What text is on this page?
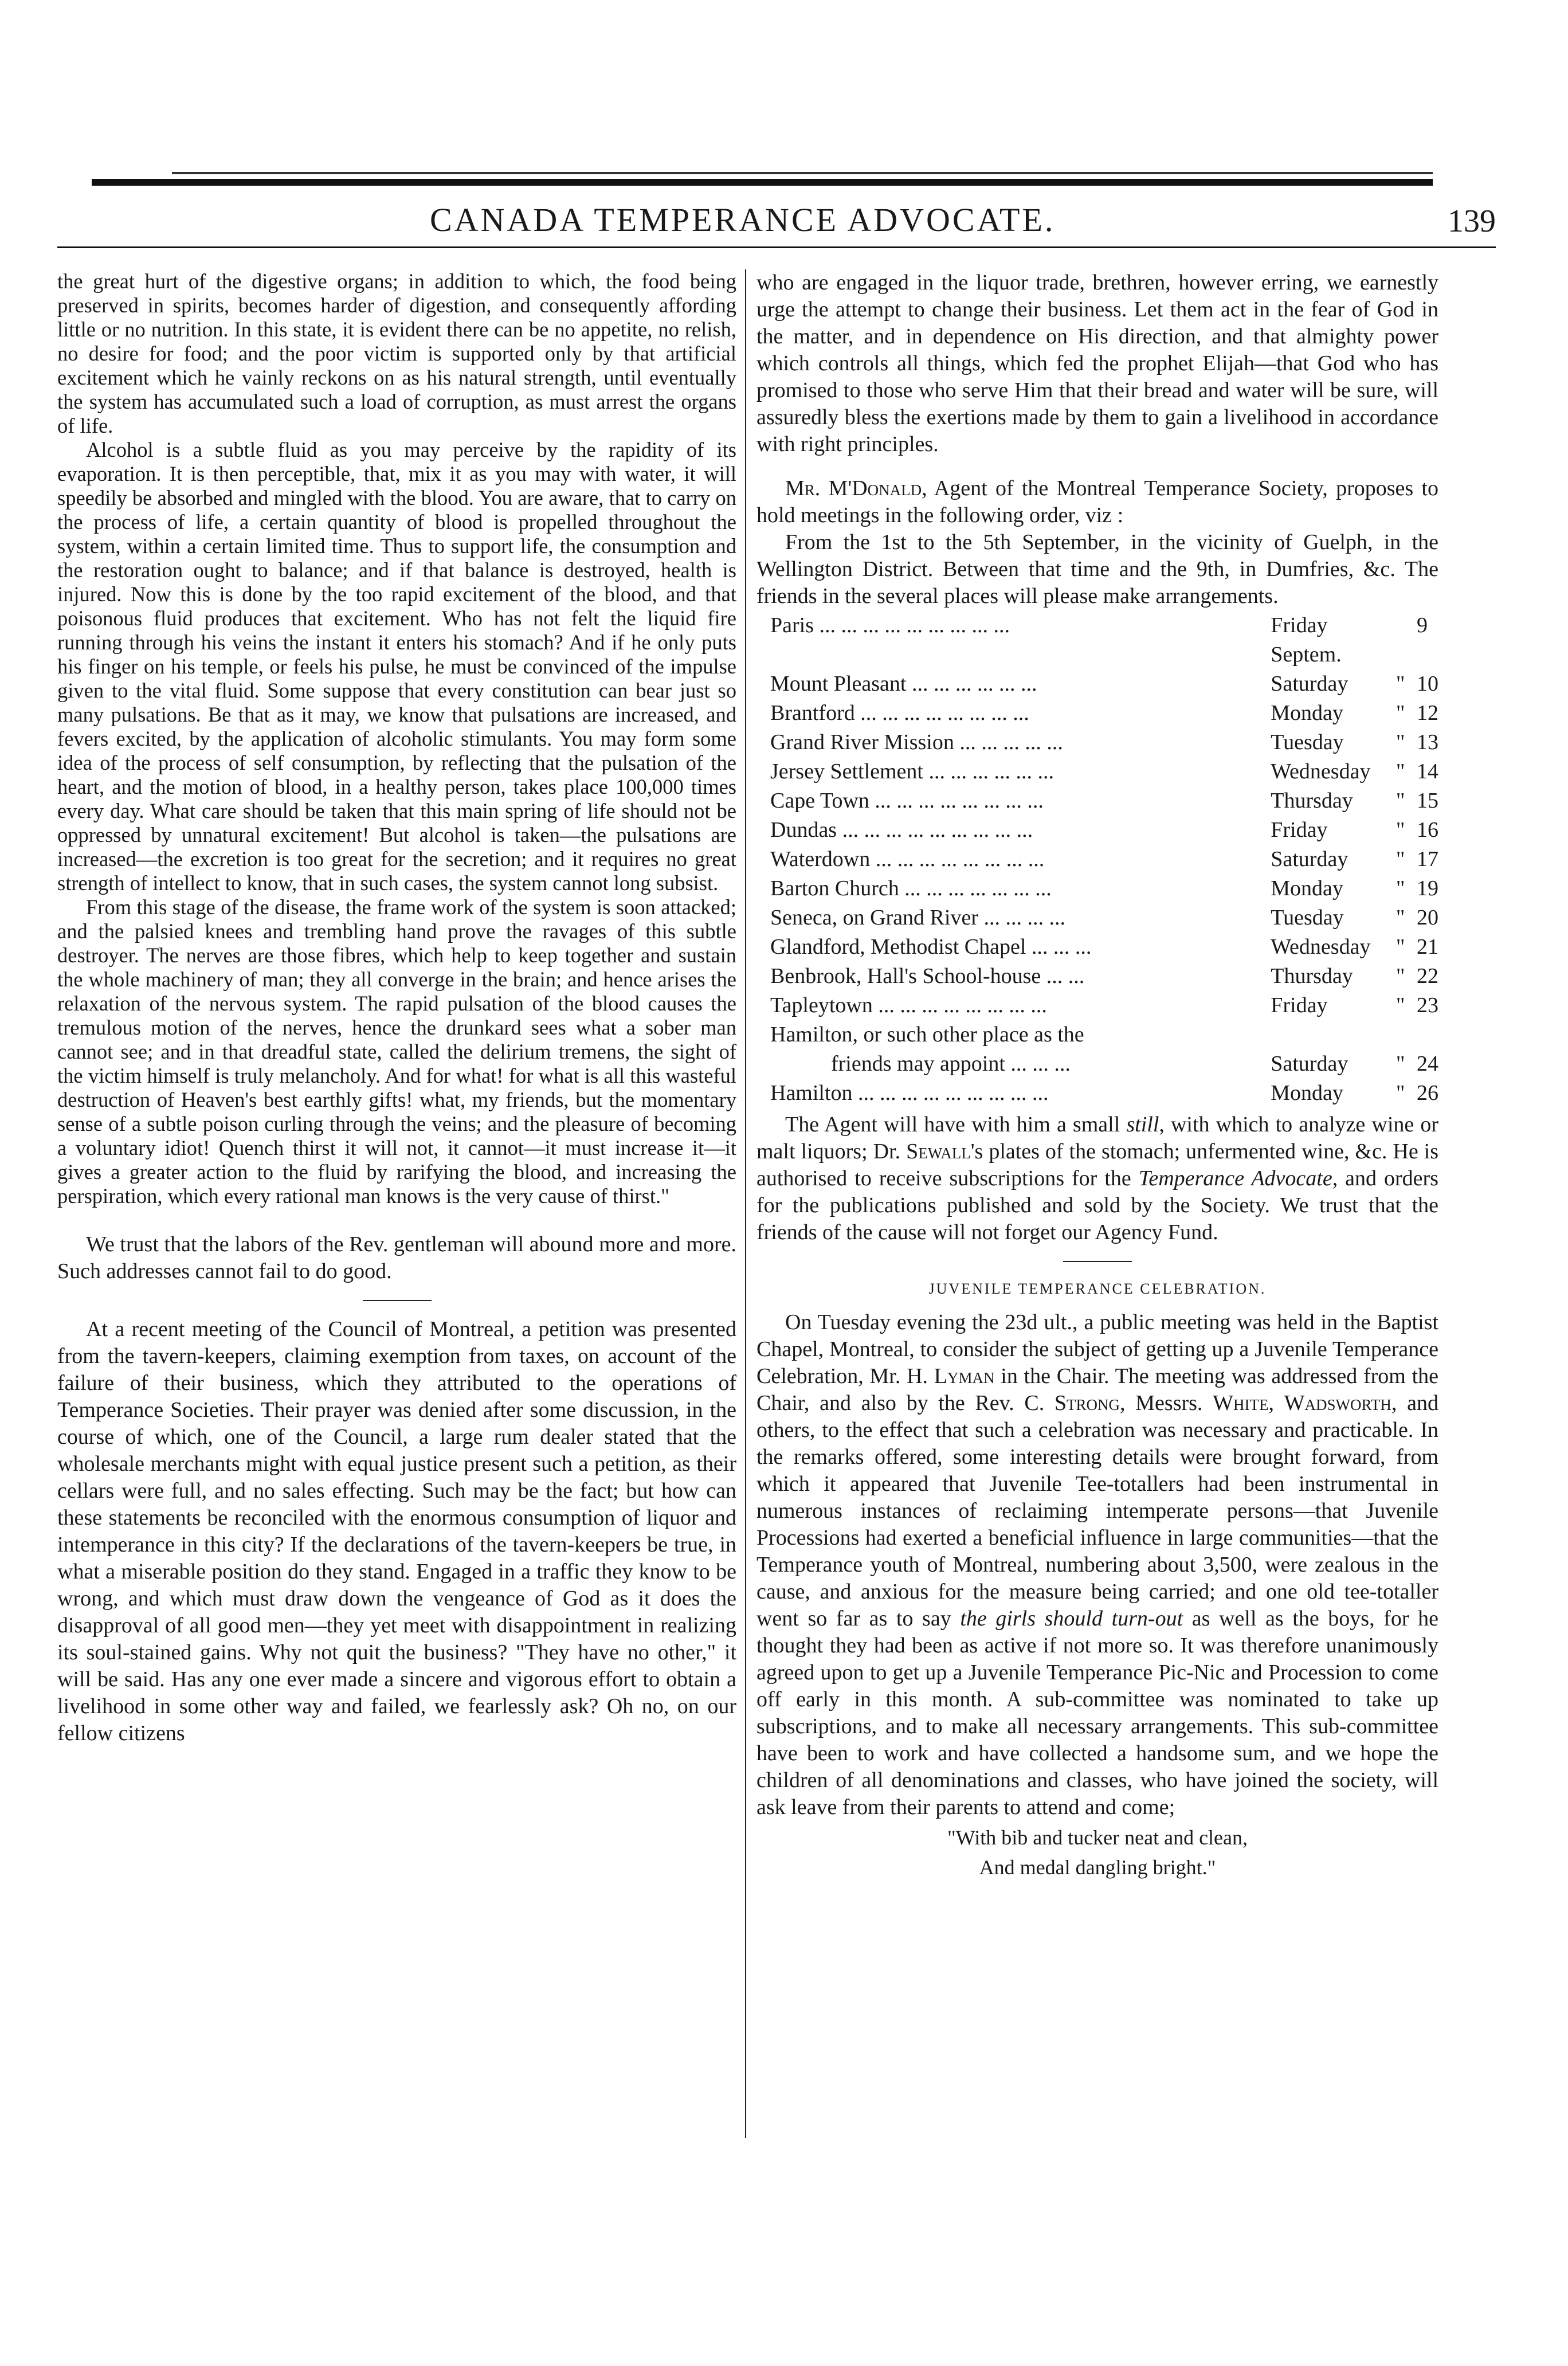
CANADA TEMPERANCE ADVOCATE.	139

the great hurt of the digestive organs; in addition to which, the food being preserved in spirits, becomes harder of digestion, and consequently affording little or no nutrition. In this state, it is evident there can be no appetite, no relish, no desire for food; and the poor victim is supported only by that artificial excitement which he vainly reckons on as his natural strength, until eventually the system has accumulated such a load of corruption, as must arrest the organs of life.

Alcohol is a subtle fluid as you may perceive by the rapidity of its evaporation. It is then perceptible, that, mix it as you may with water, it will speedily be absorbed and mingled with the blood. You are aware, that to carry on the process of life, a certain quantity of blood is propelled throughout the system, within a certain limited time. Thus to support life, the consumption and the restoration ought to balance; and if that balance is destroyed, health is injured. Now this is done by the too rapid excitement of the blood, and that poisonous fluid produces that excitement. Who has not felt the liquid fire running through his veins the instant it enters his stomach? And if he only puts his finger on his temple, or feels his pulse, he must be convinced of the impulse given to the vital fluid. Some suppose that every constitution can bear just so many pulsations. Be that as it may, we know that pulsations are increased, and fevers excited, by the application of alcoholic stimulants. You may form some idea of the process of self consumption, by reflecting that the pulsation of the heart, and the motion of blood, in a healthy person, takes place 100,000 times every day. What care should be taken that this main spring of life should not be oppressed by unnatural excitement! But alcohol is taken—the pulsations are increased—the excretion is too great for the secretion; and it requires no great strength of intellect to know, that in such cases, the system cannot long subsist.

From this stage of the disease, the frame work of the system is soon attacked; and the palsied knees and trembling hand prove the ravages of this subtle destroyer. The nerves are those fibres, which help to keep together and sustain the whole machinery of man; they all converge in the brain; and hence arises the relaxation of the nervous system. The rapid pulsation of the blood causes the tremulous motion of the nerves, hence the drunkard sees what a sober man cannot see; and in that dreadful state, called the delirium tremens, the sight of the victim himself is truly melancholy. And for what! for what is all this wasteful destruction of Heaven's best earthly gifts! what, my friends, but the momentary sense of a subtle poison curling through the veins; and the pleasure of becoming a voluntary idiot! Quench thirst it will not, it cannot—it must increase it—it gives a greater action to the fluid by rarifying the blood, and increasing the perspiration, which every rational man knows is the very cause of thirst."

We trust that the labors of the Rev. gentleman will abound more and more. Such addresses cannot fail to do good.

At a recent meeting of the Council of Montreal, a petition was presented from the tavern-keepers, claiming exemption from taxes, on account of the failure of their business, which they attributed to the operations of Temperance Societies. Their prayer was denied after some discussion, in the course of which, one of the Council, a large rum dealer stated that the wholesale merchants might with equal justice present such a petition, as their cellars were full, and no sales effecting. Such may be the fact; but how can these statements be reconciled with the enormous consumption of liquor and intemperance in this city? If the declarations of the tavern-keepers be true, in what a miserable position do they stand. Engaged in a traffic they know to be wrong, and which must draw down the vengeance of God as it does the disapproval of all good men—they yet meet with disappointment in realizing its soul-stained gains. Why not quit the business? "They have no other," it will be said. Has any one ever made a sincere and vigorous effort to obtain a livelihood in some other way and failed, we fearlessly ask? Oh no, on our fellow citizens

who are engaged in the liquor trade, brethren, however erring, we earnestly urge the attempt to change their business. Let them act in the fear of God in the matter, and in dependence on His direction, and that almighty power which controls all things, which fed the prophet Elijah—that God who has promised to those who serve Him that their bread and water will be sure, will assuredly bless the exertions made by them to gain a livelihood in accordance with right principles.

Mr. M'Donald, Agent of the Montreal Temperance Society, proposes to hold meetings in the following order, viz :

From the 1st to the 5th September, in the vicinity of Guelph, in the Wellington District. Between that time and the 9th, in Dumfries, &c. The friends in the several places will please make arrangements.

Paris ... ... ... ... ... ... ... ... ...	Friday Septem.		9
Mount Pleasant ... ... ... ... ... ...	Saturday	"	10
Brantford ... ... ... ... ... ... ... ...	Monday	"	12
Grand River Mission ... ... ... ... ...	Tuesday	"	13
Jersey Settlement ... ... ... ... ... ...	Wednesday	"	14
Cape Town ... ... ... ... ... ... ... ...	Thursday	"	15
Dundas ... ... ... ... ... ... ... ... ...	Friday	"	16
Waterdown ... ... ... ... ... ... ... ...	Saturday	"	17
Barton Church ... ... ... ... ... ... ...	Monday	"	19
Seneca, on Grand River ... ... ... ...	Tuesday	"	20
Glandford, Methodist Chapel ... ... ...	Wednesday	"	21
Benbrook, Hall's School-house ... ...	Thursday	"	22
Tapleytown ... ... ... ... ... ... ... ...	Friday	"	23
Hamilton, or such other place as the			
friends may appoint ... ... ...	Saturday	"	24
Hamilton ... ... ... ... ... ... ... ... ...	Monday	"	26

The Agent will have with him a small still, with which to analyze wine or malt liquors; Dr. Sewall's plates of the stomach; unfermented wine, &c. He is authorised to receive subscriptions for the Temperance Advocate, and orders for the publications published and sold by the Society. We trust that the friends of the cause will not forget our Agency Fund.

JUVENILE TEMPERANCE CELEBRATION.

On Tuesday evening the 23d ult., a public meeting was held in the Baptist Chapel, Montreal, to consider the subject of getting up a Juvenile Temperance Celebration, Mr. H. Lyman in the Chair. The meeting was addressed from the Chair, and also by the Rev. C. Strong, Messrs. White, Wadsworth, and others, to the effect that such a celebration was necessary and practicable. In the remarks offered, some interesting details were brought forward, from which it appeared that Juvenile Tee-totallers had been instrumental in numerous instances of reclaiming intemperate persons—that Juvenile Processions had exerted a beneficial influence in large communities—that the Temperance youth of Montreal, numbering about 3,500, were zealous in the cause, and anxious for the measure being carried; and one old tee-totaller went so far as to say the girls should turn-out as well as the boys, for he thought they had been as active if not more so. It was therefore unanimously agreed upon to get up a Juvenile Temperance Pic-Nic and Procession to come off early in this month. A sub-committee was nominated to take up subscriptions, and to make all necessary arrangements. This sub-committee have been to work and have collected a handsome sum, and we hope the children of all denominations and classes, who have joined the society, will ask leave from their parents to attend and come;

"With bib and tucker neat and clean,
And medal dangling bright."
